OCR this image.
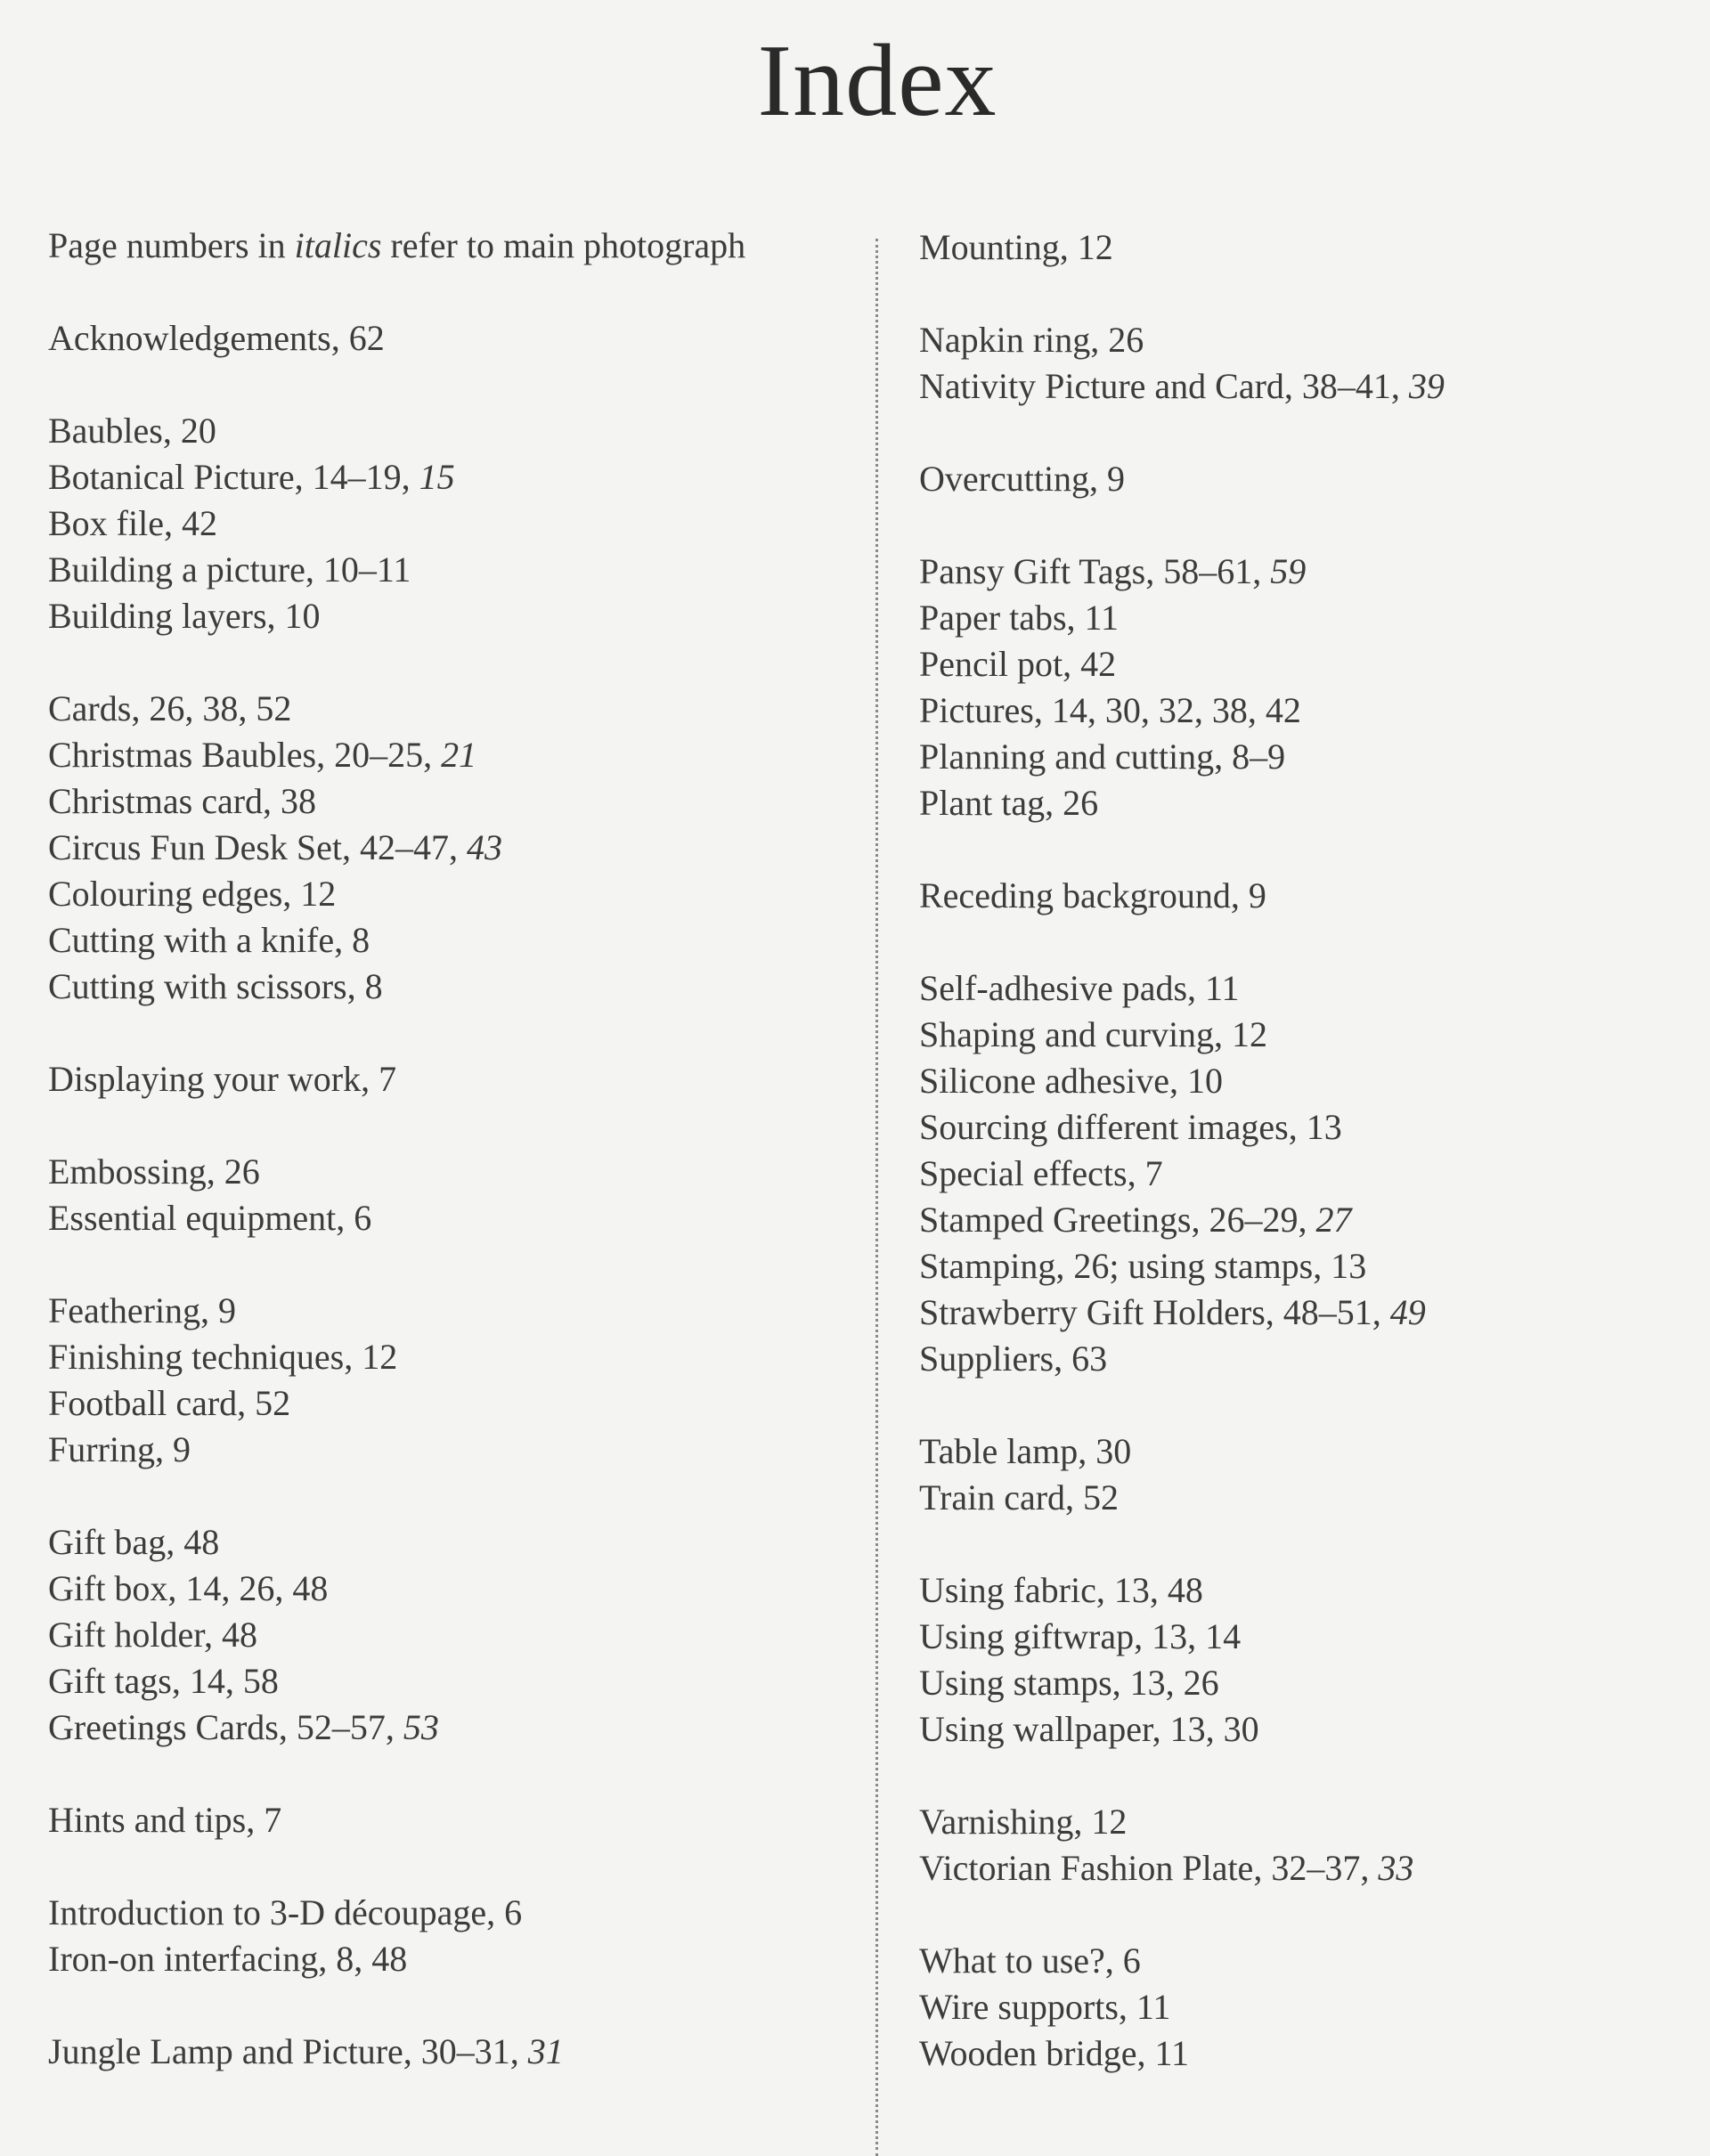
Index
Page numbers in italics refer to main photograph
Acknowledgements, 62
Baubles, 20
Botanical Picture, 14–19, 15
Box file, 42
Building a picture, 10–11
Building layers, 10
Cards, 26, 38, 52
Christmas Baubles, 20–25, 21
Christmas card, 38
Circus Fun Desk Set, 42–47, 43
Colouring edges, 12
Cutting with a knife, 8
Cutting with scissors, 8
Displaying your work, 7
Embossing, 26
Essential equipment, 6
Feathering, 9
Finishing techniques, 12
Football card, 52
Furring, 9
Gift bag, 48
Gift box, 14, 26, 48
Gift holder, 48
Gift tags, 14, 58
Greetings Cards, 52–57, 53
Hints and tips, 7
Introduction to 3-D découpage, 6
Iron-on interfacing, 8, 48
Jungle Lamp and Picture, 30–31, 31
Mounting, 12
Napkin ring, 26
Nativity Picture and Card, 38–41, 39
Overcutting, 9
Pansy Gift Tags, 58–61, 59
Paper tabs, 11
Pencil pot, 42
Pictures, 14, 30, 32, 38, 42
Planning and cutting, 8–9
Plant tag, 26
Receding background, 9
Self-adhesive pads, 11
Shaping and curving, 12
Silicone adhesive, 10
Sourcing different images, 13
Special effects, 7
Stamped Greetings, 26–29, 27
Stamping, 26; using stamps, 13
Strawberry Gift Holders, 48–51, 49
Suppliers, 63
Table lamp, 30
Train card, 52
Using fabric, 13, 48
Using giftwrap, 13, 14
Using stamps, 13, 26
Using wallpaper, 13, 30
Varnishing, 12
Victorian Fashion Plate, 32–37, 33
What to use?, 6
Wire supports, 11
Wooden bridge, 11
